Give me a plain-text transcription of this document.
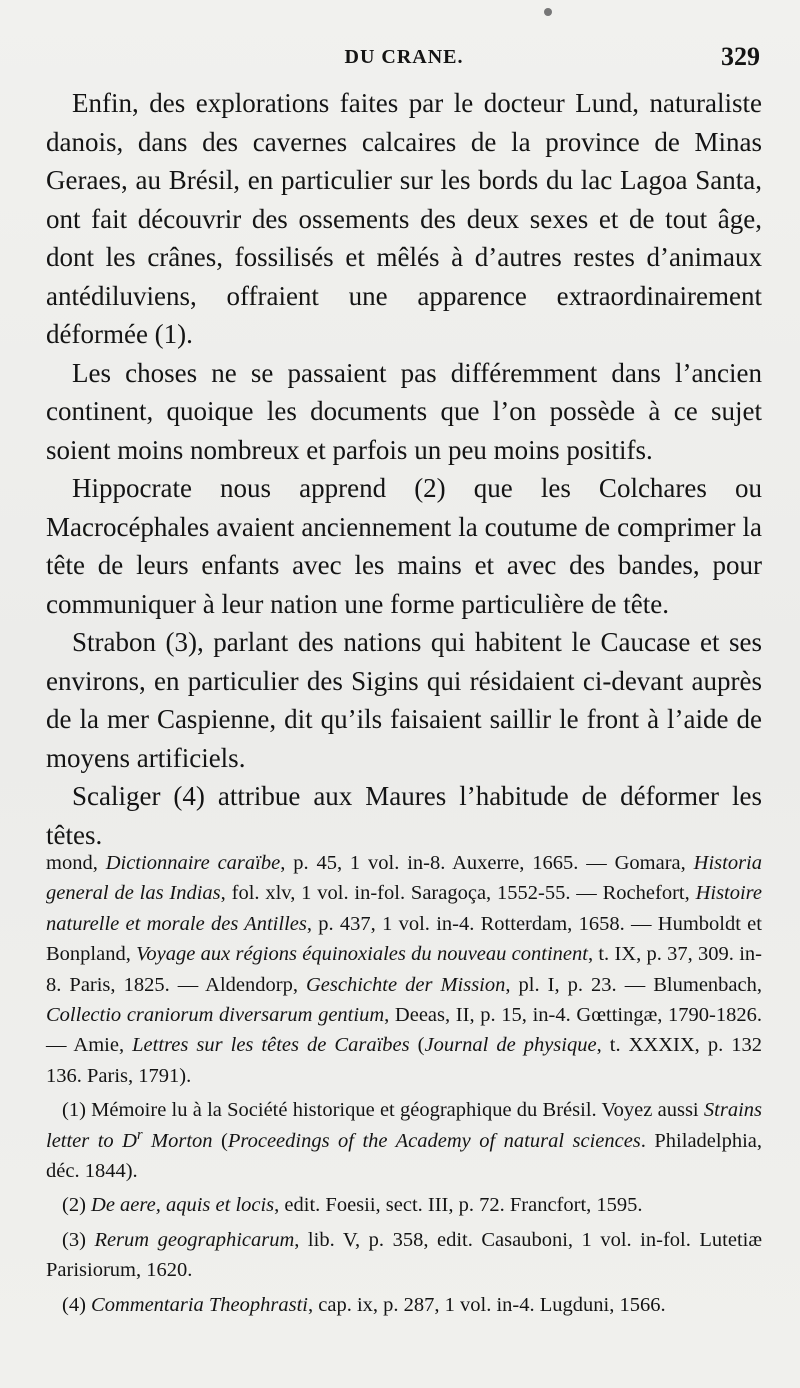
DU CRANE.	329

Enfin, des explorations faites par le docteur Lund, naturaliste danois, dans des cavernes calcaires de la province de Minas Geraes, au Brésil, en particulier sur les bords du lac Lagoa Santa, ont fait découvrir des ossements des deux sexes et de tout âge, dont les crânes, fossilisés et mêlés à d’autres restes d’animaux antédiluviens, offraient une apparence extraordinairement déformée (1).

Les choses ne se passaient pas différemment dans l’ancien continent, quoique les documents que l’on possède à ce sujet soient moins nombreux et parfois un peu moins positifs.

Hippocrate nous apprend (2) que les Colchares ou Macrocéphales avaient anciennement la coutume de comprimer la tête de leurs enfants avec les mains et avec des bandes, pour communiquer à leur nation une forme particulière de tête.

Strabon (3), parlant des nations qui habitent le Caucase et ses environs, en particulier des Sigins qui résidaient ci-devant auprès de la mer Caspienne, dit qu’ils faisaient saillir le front à l’aide de moyens artificiels.

Scaliger (4) attribue aux Maures l’habitude de déformer les têtes.

mond, Dictionnaire caraïbe, p. 45, 1 vol. in-8. Auxerre, 1665. — Gomara, Historia general de las Indias, fol. xlv, 1 vol. in-fol. Saragoça, 1552-55. — Rochefort, Histoire naturelle et morale des Antilles, p. 437, 1 vol. in-4. Rotterdam, 1658. — Humboldt et Bonpland, Voyage aux régions équinoxiales du nouveau continent, t. IX, p. 37, 309. in-8. Paris, 1825. — Aldendorp, Geschichte der Mission, pl. I, p. 23. — Blumenbach, Collectio craniorum diversarum gentium, Deeas, II, p. 15, in-4. Gœttingæ, 1790-1826. — Amie, Lettres sur les têtes de Caraïbes (Journal de physique, t. XXXIX, p. 132 136. Paris, 1791).

(1) Mémoire lu à la Société historique et géographique du Brésil. Voyez aussi Strains letter to $D^r$ Morton (Proceedings of the Academy of natural sciences. Philadelphia, déc. 1844).

(2) De aere, aquis et locis, edit. Foesii, sect. III, p. 72. Francfort, 1595.

(3) Rerum geographicarum, lib. V, p. 358, edit. Casauboni, 1 vol. in-fol. Lutetiæ Parisiorum, 1620.

(4) Commentaria Theophrasti, cap. ix, p. 287, 1 vol. in-4. Lugduni, 1566.
